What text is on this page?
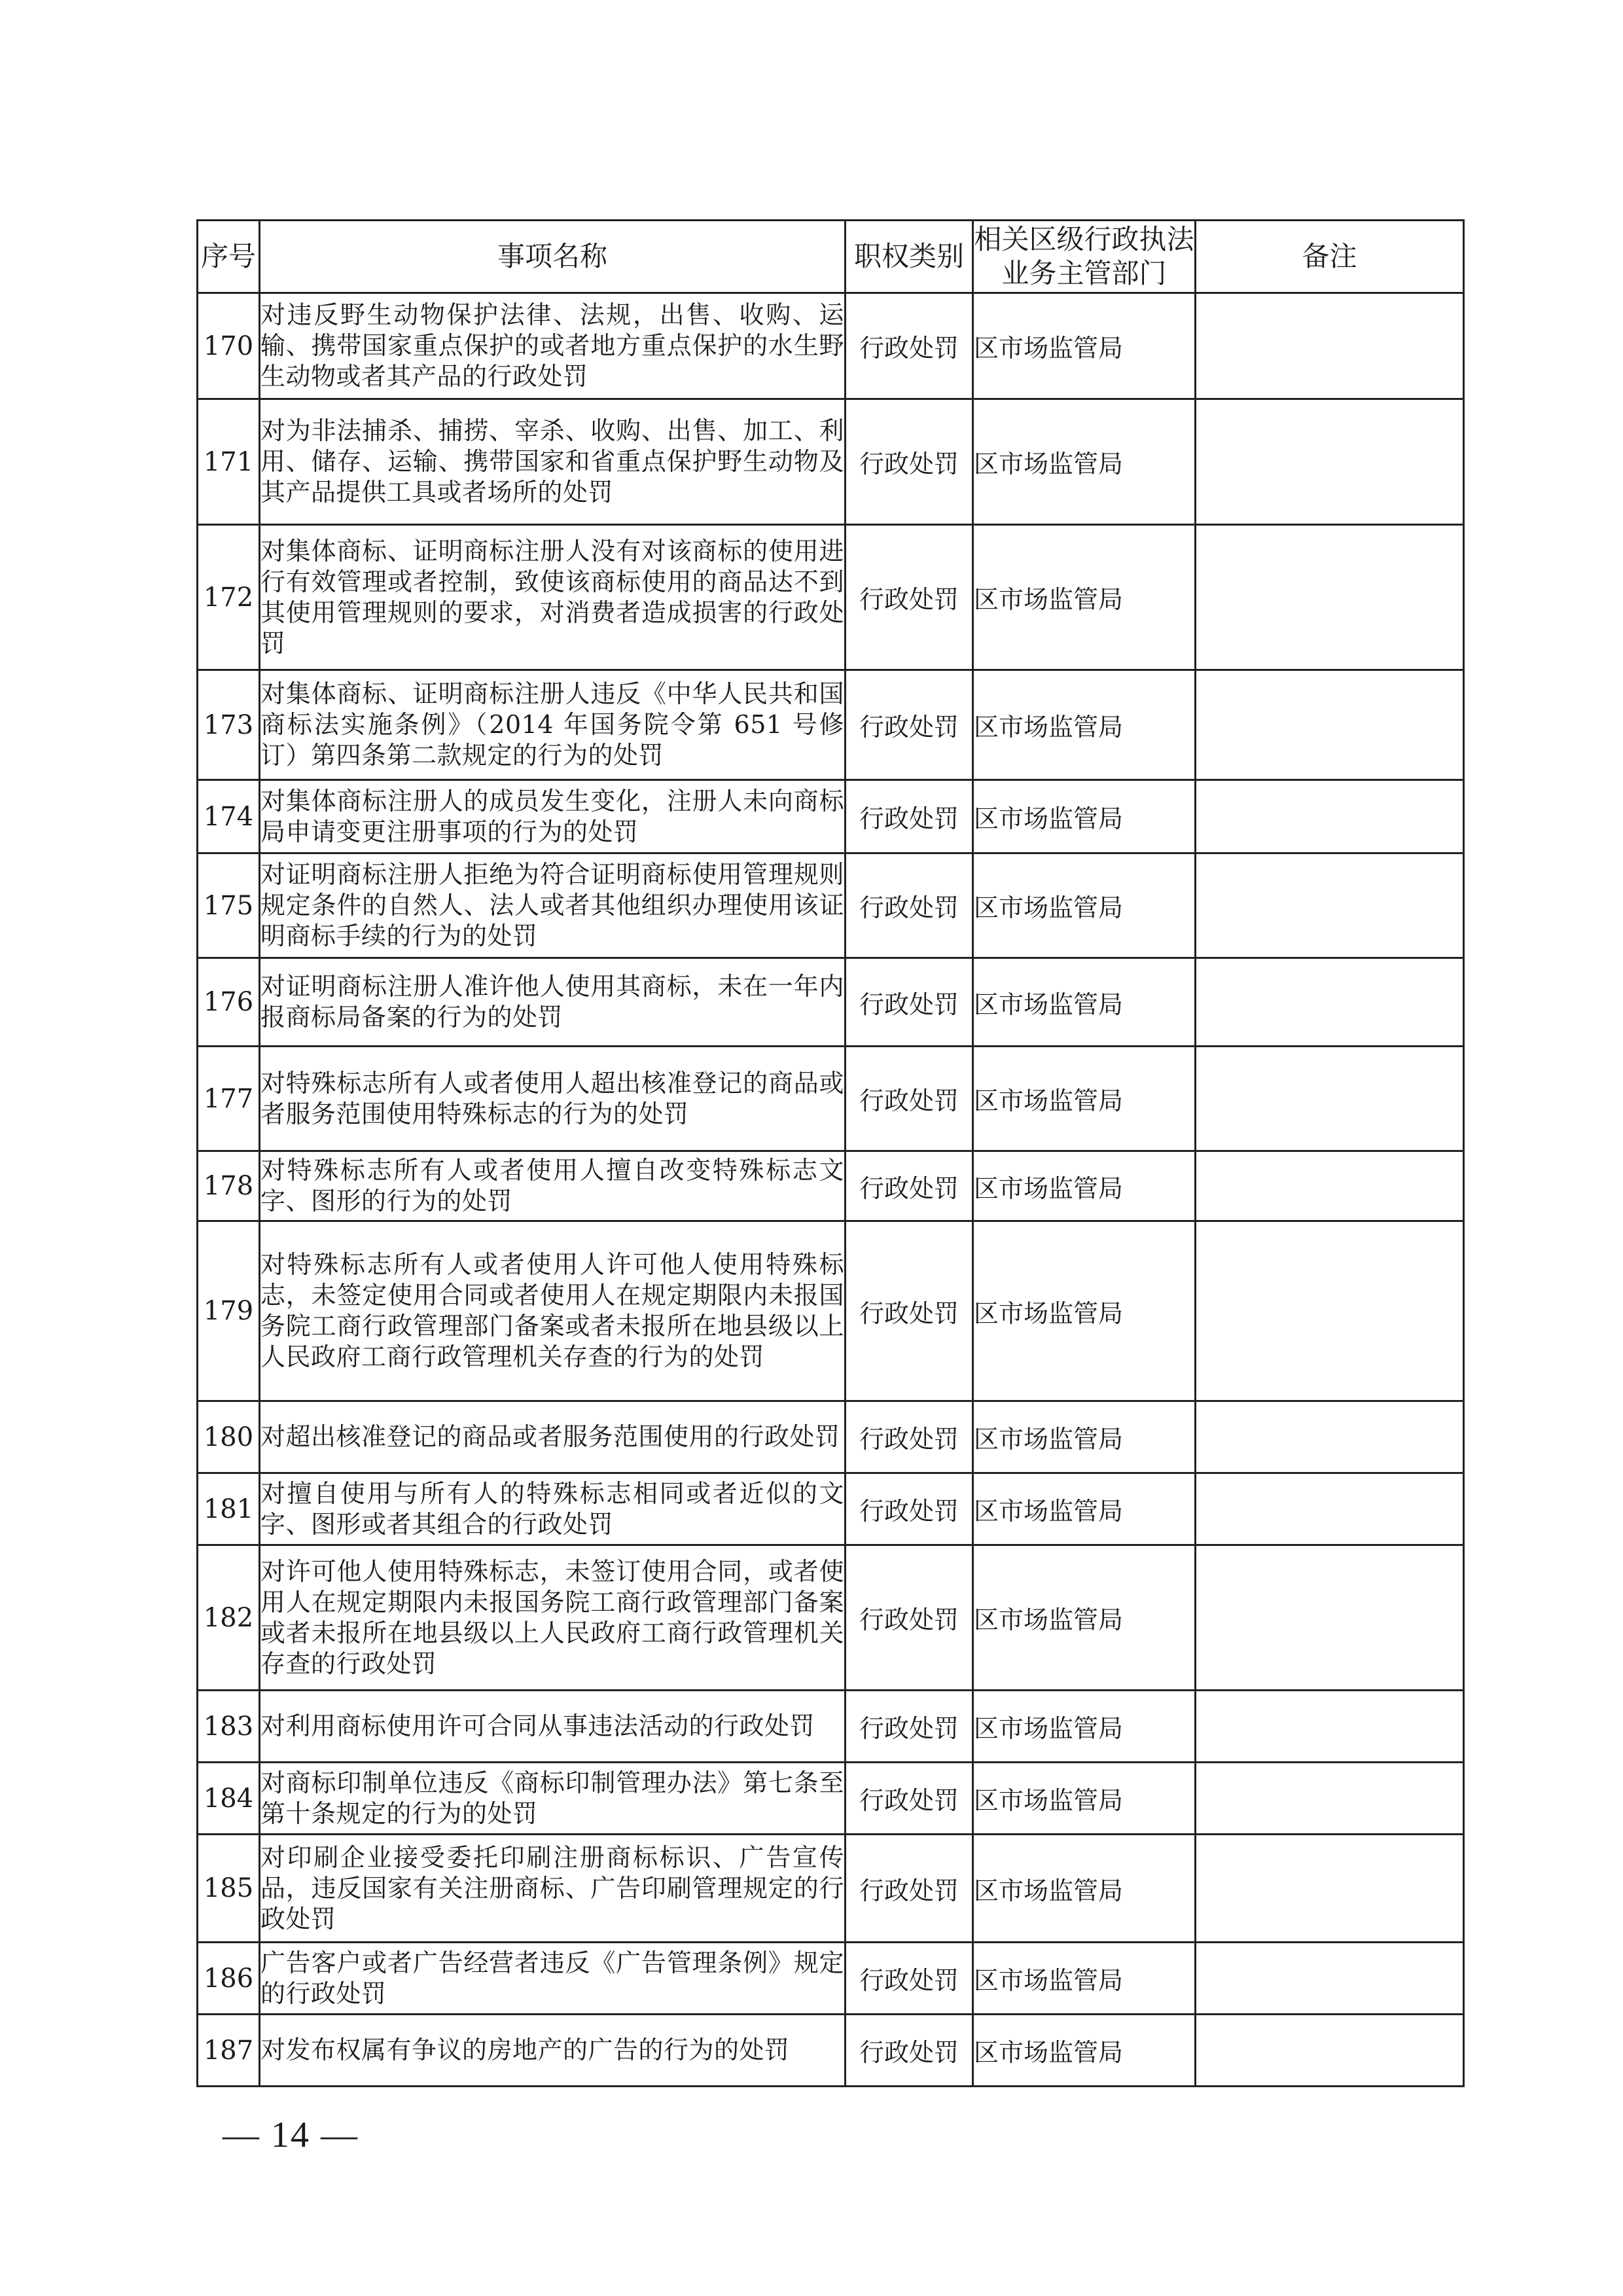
序号	事项名称	职权类别	相关区级行政执法业务主管部门	备注
170	对违反野生动物保护法律、法规，出售、收购、运输、携带国家重点保护的或者地方重点保护的水生野生动物或者其产品的行政处罚	行政处罚	区市场监管局	
171	对为非法捕杀、捕捞、宰杀、收购、出售、加工、利用、储存、运输、携带国家和省重点保护野生动物及其产品提供工具或者场所的处罚	行政处罚	区市场监管局	
172	对集体商标、证明商标注册人没有对该商标的使用进行有效管理或者控制，致使该商标使用的商品达不到其使用管理规则的要求，对消费者造成损害的行政处罚	行政处罚	区市场监管局	
173	对集体商标、证明商标注册人违反《中华人民共和国商标法实施条例》（2014 年国务院令第 651 号修订）第四条第二款规定的行为的处罚	行政处罚	区市场监管局	
174	对集体商标注册人的成员发生变化，注册人未向商标局申请变更注册事项的行为的处罚	行政处罚	区市场监管局	
175	对证明商标注册人拒绝为符合证明商标使用管理规则规定条件的自然人、法人或者其他组织办理使用该证明商标手续的行为的处罚	行政处罚	区市场监管局	
176	对证明商标注册人准许他人使用其商标，未在一年内报商标局备案的行为的处罚	行政处罚	区市场监管局	
177	对特殊标志所有人或者使用人超出核准登记的商品或者服务范围使用特殊标志的行为的处罚	行政处罚	区市场监管局	
178	对特殊标志所有人或者使用人擅自改变特殊标志文字、图形的行为的处罚	行政处罚	区市场监管局	
179	对特殊标志所有人或者使用人许可他人使用特殊标志，未签定使用合同或者使用人在规定期限内未报国务院工商行政管理部门备案或者未报所在地县级以上人民政府工商行政管理机关存查的行为的处罚	行政处罚	区市场监管局	
180	对超出核准登记的商品或者服务范围使用的行政处罚	行政处罚	区市场监管局	
181	对擅自使用与所有人的特殊标志相同或者近似的文字、图形或者其组合的行政处罚	行政处罚	区市场监管局	
182	对许可他人使用特殊标志，未签订使用合同，或者使用人在规定期限内未报国务院工商行政管理部门备案或者未报所在地县级以上人民政府工商行政管理机关存查的行政处罚	行政处罚	区市场监管局	
183	对利用商标使用许可合同从事违法活动的行政处罚	行政处罚	区市场监管局	
184	对商标印制单位违反《商标印制管理办法》第七条至第十条规定的行为的处罚	行政处罚	区市场监管局	
185	对印刷企业接受委托印刷注册商标标识、广告宣传品，违反国家有关注册商标、广告印刷管理规定的行政处罚	行政处罚	区市场监管局	
186	广告客户或者广告经营者违反《广告管理条例》规定的行政处罚	行政处罚	区市场监管局	
187	对发布权属有争议的房地产的广告的行为的处罚	行政处罚	区市场监管局	
— 14 —
